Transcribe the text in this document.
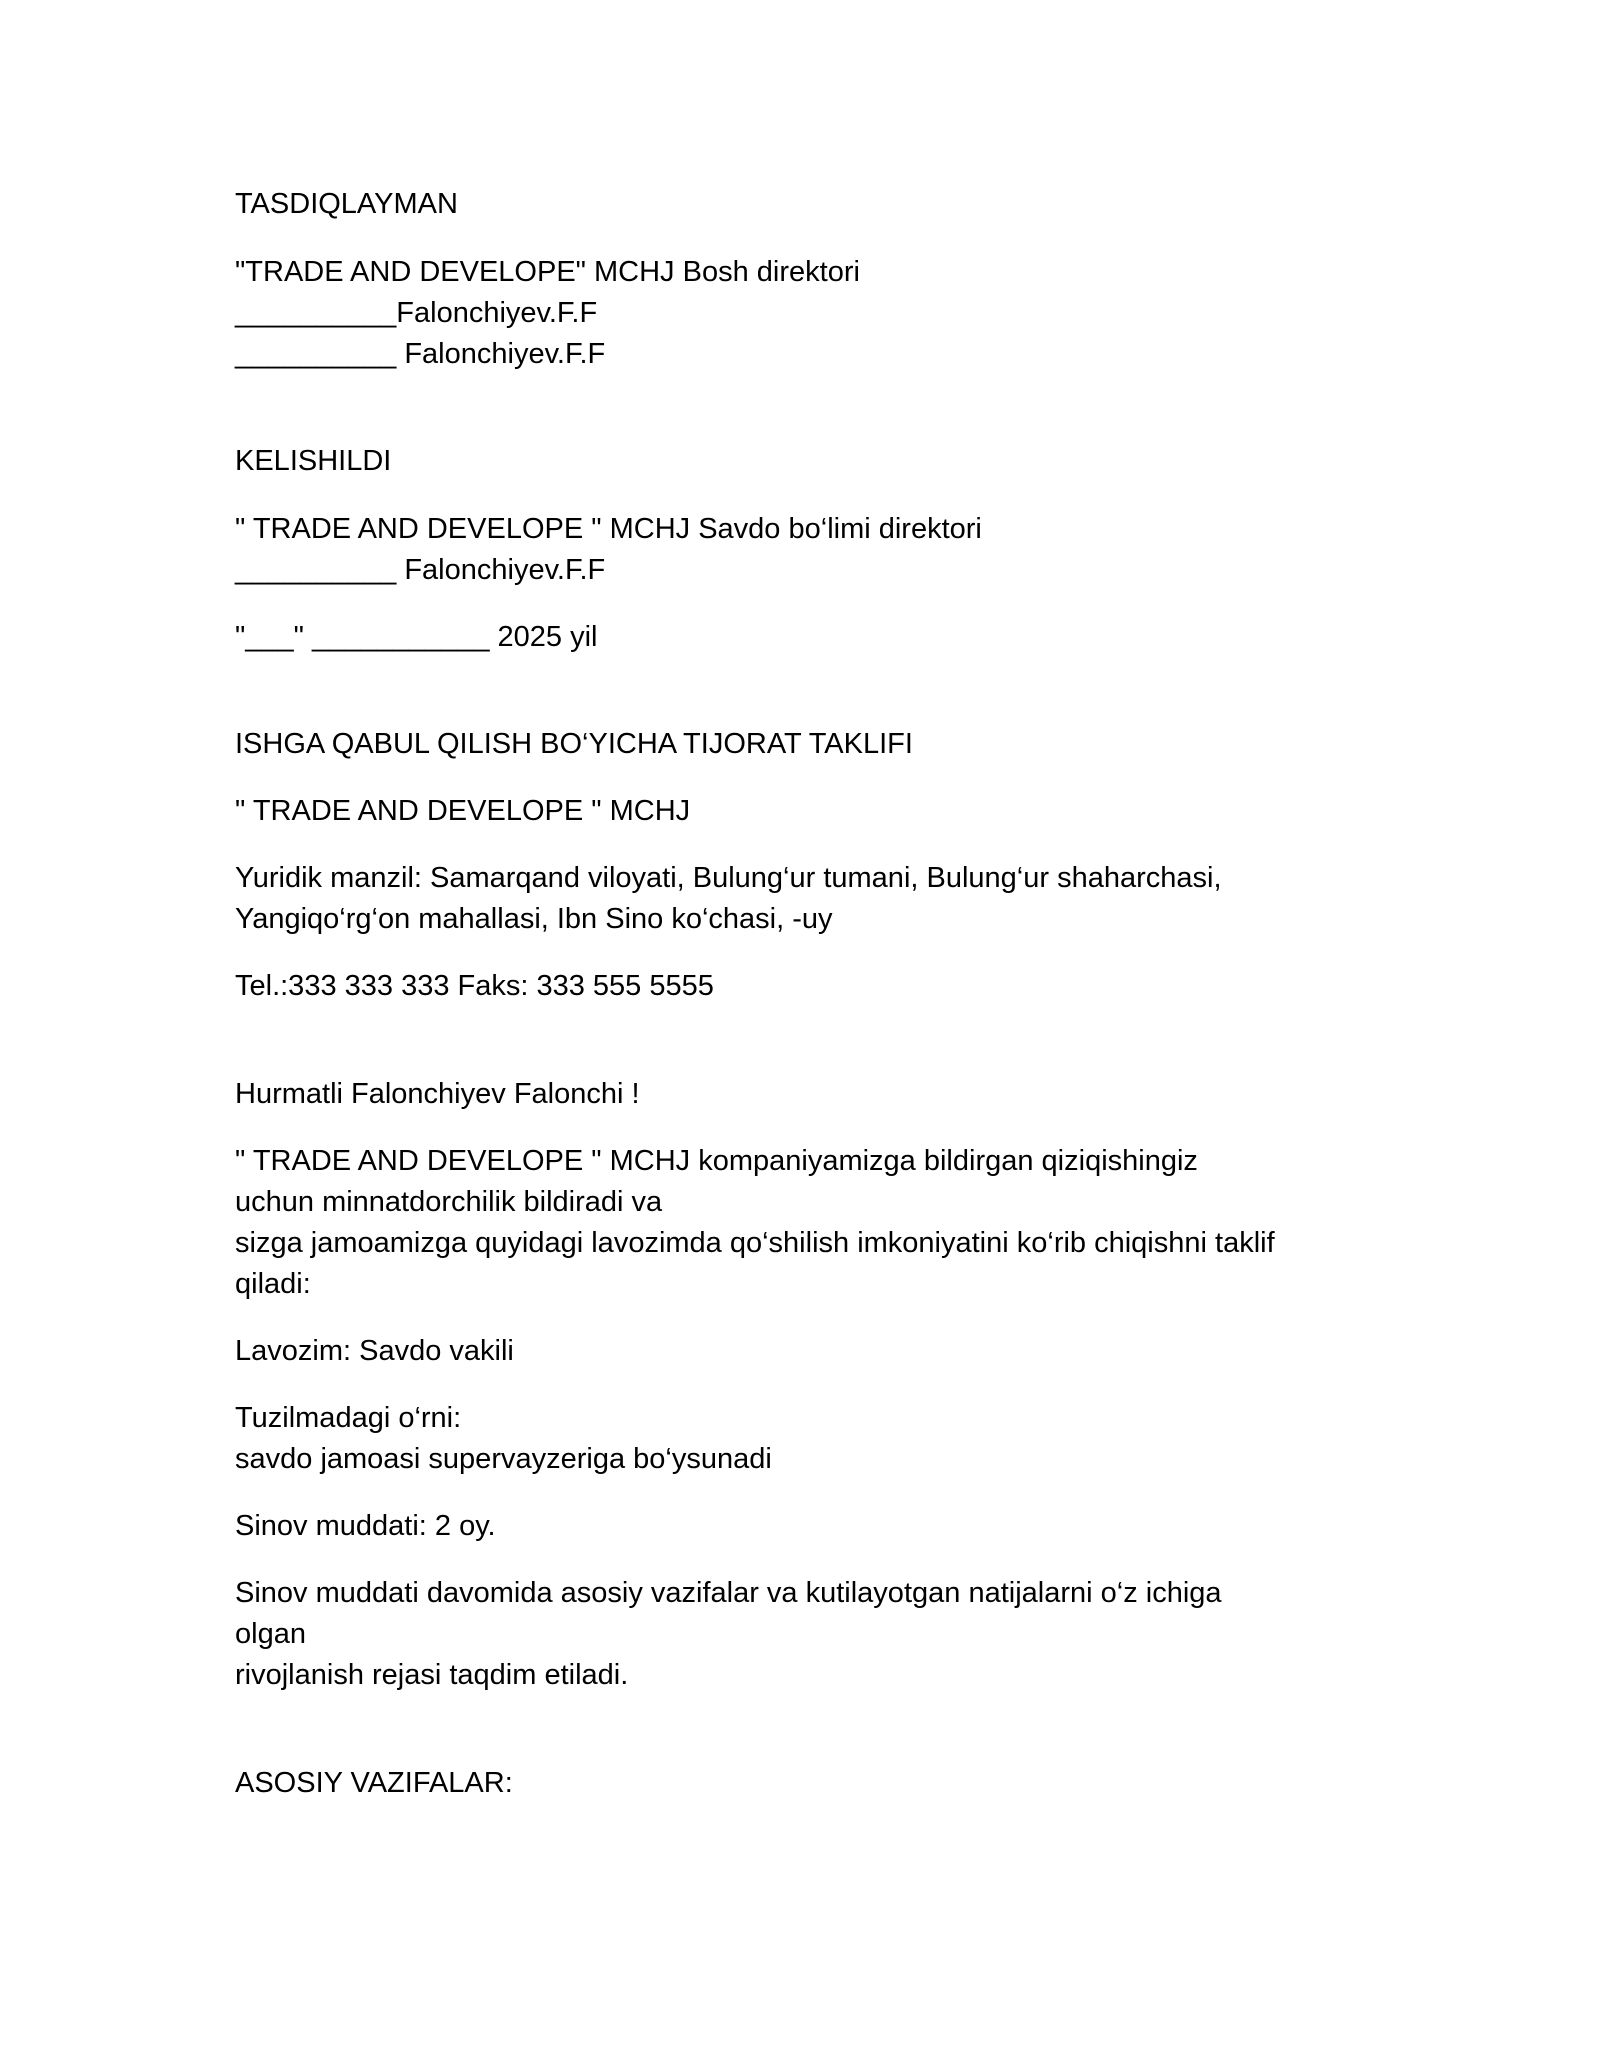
TASDIQLAYMAN
"TRADE AND DEVELOPE" MCHJ Bosh direktori
__________Falonchiyev.F.F
__________ Falonchiyev.F.F
KELISHILDI
" TRADE AND DEVELOPE " MCHJ Savdo bo‘limi direktori
__________ Falonchiyev.F.F
"___" ___________ 2025 yil
ISHGA QABUL QILISH BO‘YICHA TIJORAT TAKLIFI
" TRADE AND DEVELOPE " MCHJ
Yuridik manzil: Samarqand viloyati, Bulung‘ur tumani, Bulung‘ur shaharchasi,
Yangiqo‘rg‘on mahallasi, Ibn Sino ko‘chasi, -uy
Tel.:333 333 333 Faks: 333 555 5555
Hurmatli Falonchiyev Falonchi !
" TRADE AND DEVELOPE " MCHJ kompaniyamizga bildirgan qiziqishingiz
uchun minnatdorchilik bildiradi va
sizga jamoamizga quyidagi lavozimda qo‘shilish imkoniyatini ko‘rib chiqishni taklif
qiladi:
Lavozim: Savdo vakili
Tuzilmadagi o‘rni:
savdo jamoasi supervayzeriga bo‘ysunadi
Sinov muddati: 2 oy.
Sinov muddati davomida asosiy vazifalar va kutilayotgan natijalarni o‘z ichiga
olgan
rivojlanish rejasi taqdim etiladi.
ASOSIY VAZIFALAR:
